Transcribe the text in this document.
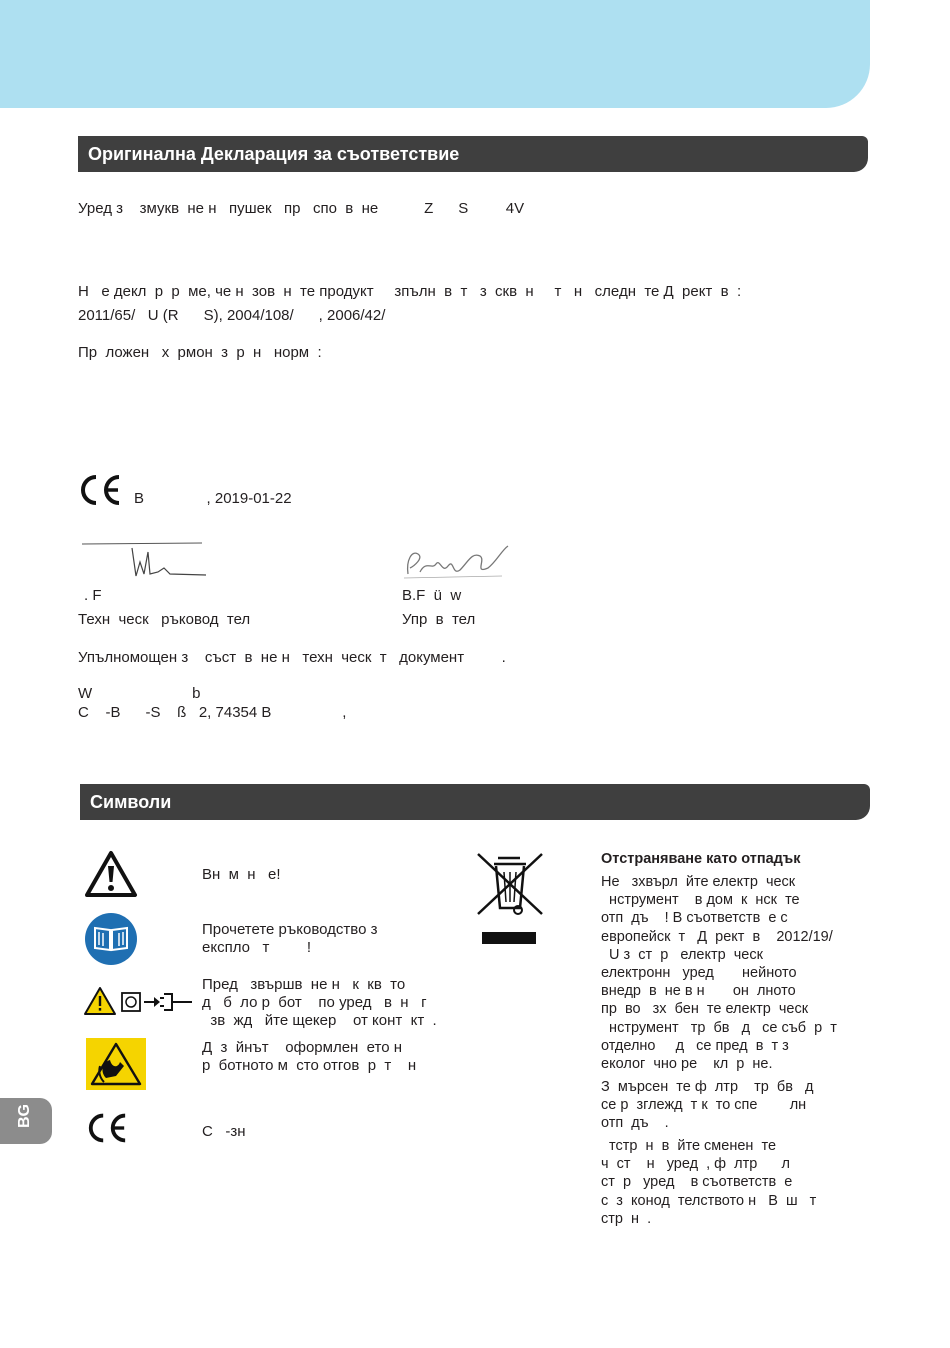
Оригинална Декларация за съответствие
Уред з    змукв  не н   пушек   пр   спо  в  не           Z      S         4V
Н   е декл  р  р  ме, че н  зов  н  те продукт     зпълн  в  т   з  скв  н     т   н   следн  те Д  рект  в  :
2011/65/   U (R      S), 2004/108/      , 2006/42/
Пр  ложен   х  рмон  з  р  н   норм  :
В               , 2019-01-22
. F
Техн  ческ   ръковод  тел
B.F  ü  w
Упр  в  тел
Упълномощен з    съст  в  не н   техн  ческ  т   документ         .
W                        b
C    -B      -S    ß   2, 74354 B                 ,
Символи
Вн  м  н   е!
Прочетете ръководство з
експло   т         !
Пред   звършв  не н   к  кв  то
д   б  ло р  бот    по уред   в  н   г
зв  жд   йте щекер    от конт  кт  .
Д  з  йнът    оформлен  ето н
р  ботното м  сто отгов  р  т    н
С   -зн
Отстраняване като отпадък
Не   зхвърл  йте електр  ческ
нструмент    в дом  к  нск  те
отп  дъ    ! В съответств  е с
европейск  т   Д  рект  в    2012/19/
U з  ст  р   електр  ческ
електронн   уред       нейното
внедр  в  не в н       он  лното
пр  во   зх  бен  те електр  ческ
нструмент   тр  бв   д   се съб  р  т
отделно     д   се пред  в  т з
еколог  чно ре    кл  р  не.
З  мърсен  те ф  лтр    тр  бв   д
се р  зглежд  т к  то спе        лн
отп  дъ    .
тстр  н  в  йте сменен  те
ч  ст    н   уред  , ф  лтр      л
ст  р   уред    в съответств  е
с  з  конод  телството н   В  ш   т
стр  н  .
BG
